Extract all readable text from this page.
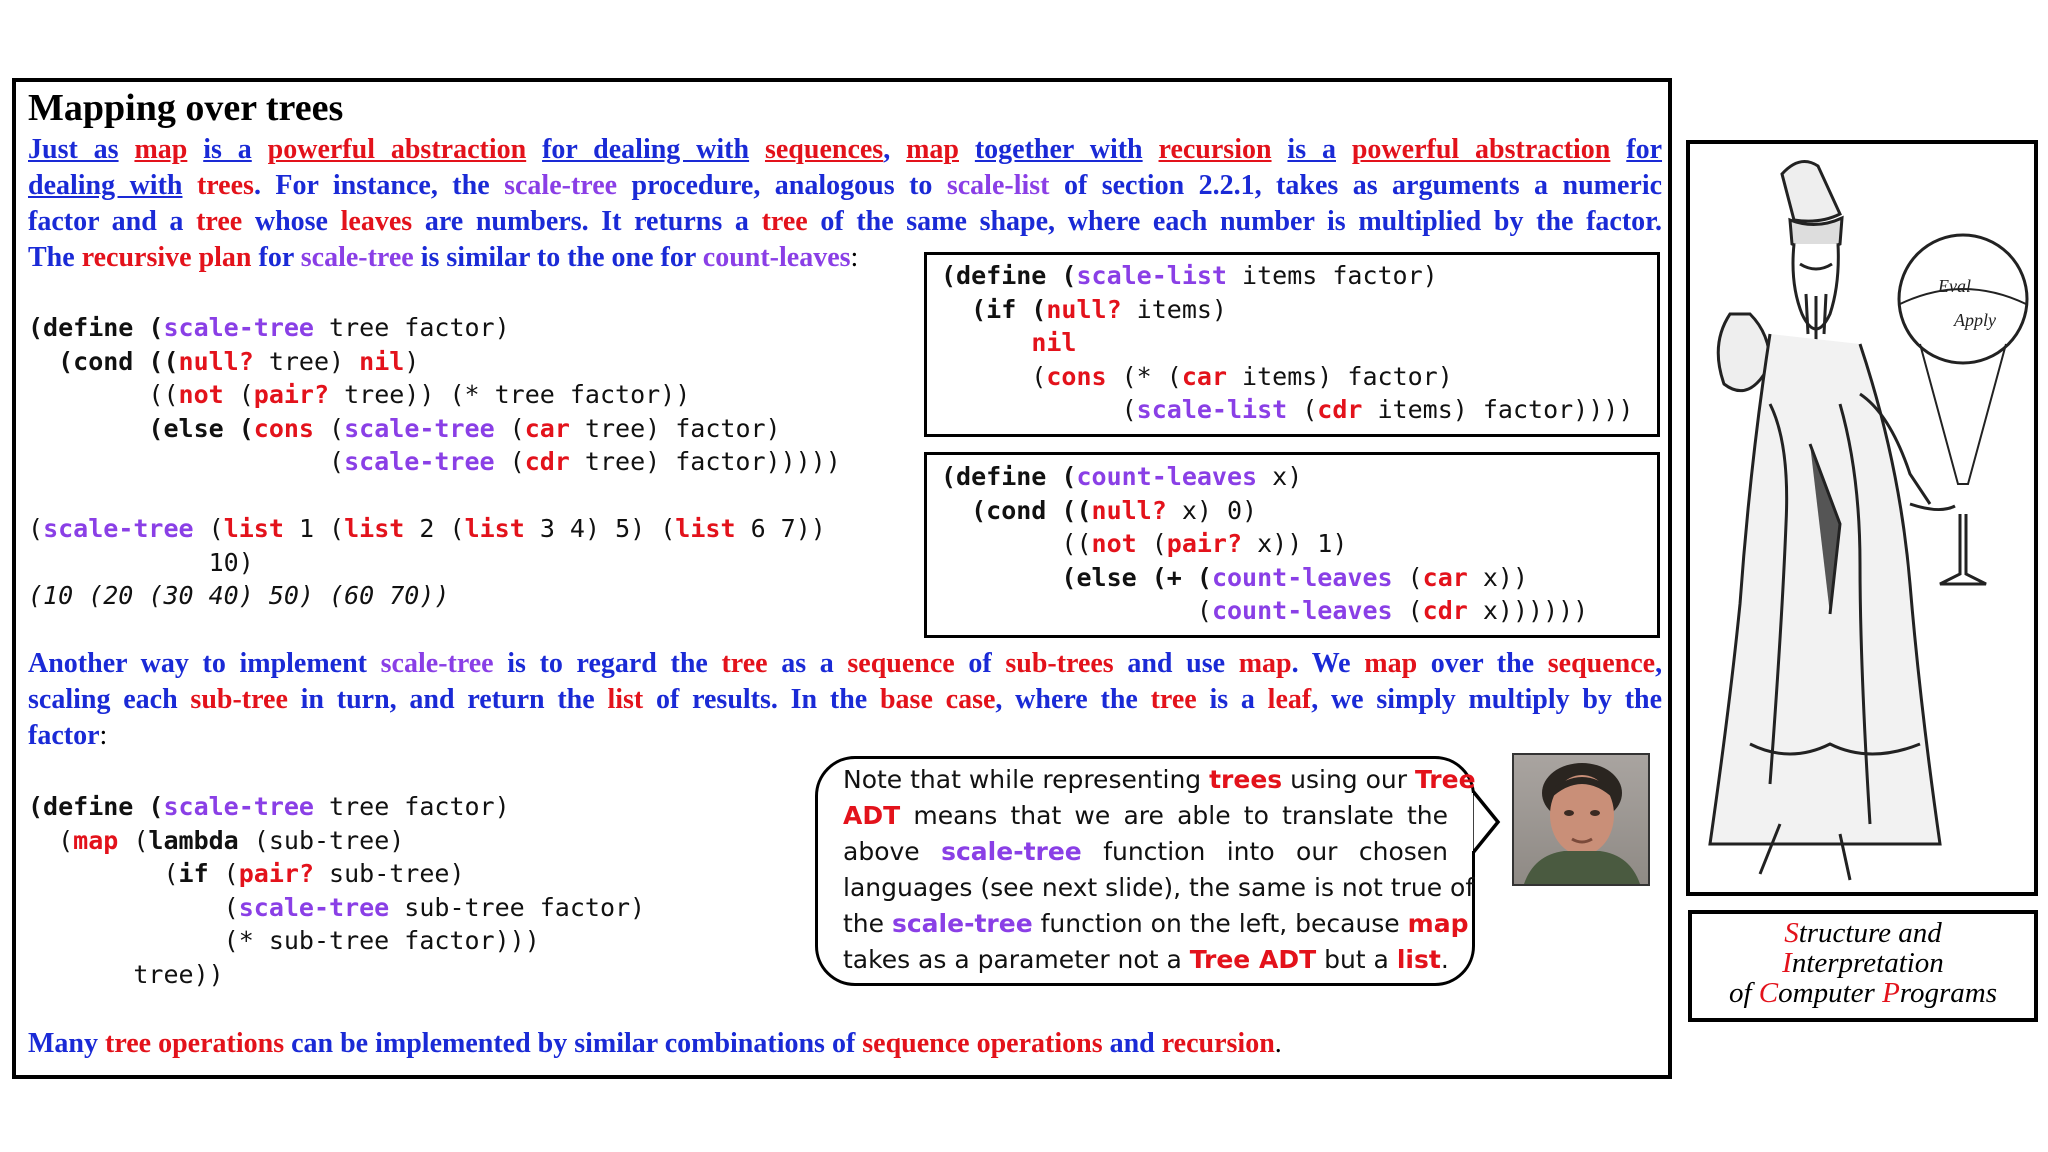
Mapping over trees
Just as map is a powerful abstraction for dealing with sequences, map together with recursion is a powerful abstraction for
dealing with trees. For instance, the scale-tree procedure, analogous to scale-list of section 2.2.1, takes as arguments a numeric
factor and a tree whose leaves are numbers. It returns a tree of the same shape, where each number is multiplied by the factor.
The recursive plan for scale-tree is similar to the one for count-leaves:
(define (scale-tree tree factor)
(cond ((null? tree) nil)
((not (pair? tree)) (* tree factor))
(else (cons (scale-tree (car tree) factor)
(scale-tree (cdr tree) factor)))))

(scale-tree (list 1 (list 2 (list 3 4) 5) (list 6 7))
10)
(10 (20 (30 40) 50) (60 70))
(define (scale-list items factor)
(if (null? items)
nil
(cons (* (car items) factor)
(scale-list (cdr items) factor))))
(define (count-leaves x)
(cond ((null? x) 0)
((not (pair? x)) 1)
(else (+ (count-leaves (car x))
(count-leaves (cdr x))))))
Another way to implement scale-tree is to regard the tree as a sequence of sub-trees and use map. We map over the sequence,
scaling each sub-tree in turn, and return the list of results. In the base case, where the tree is a leaf, we simply multiply by the
factor:
(define (scale-tree tree factor)
(map (lambda (sub-tree)
(if (pair? sub-tree)
(scale-tree sub-tree factor)
(* sub-tree factor)))
tree))
Note that while representing trees using our Tree
ADT means that we are able to translate the
above scale-tree function into our chosen
languages (see next slide), the same is not true of
the scale-tree function on the left, because map
takes as a parameter not a Tree ADT but a list.
Eval
Apply
Structure and
Interpretation
of Computer Programs
Many tree operations can be implemented by similar combinations of sequence operations and recursion.
